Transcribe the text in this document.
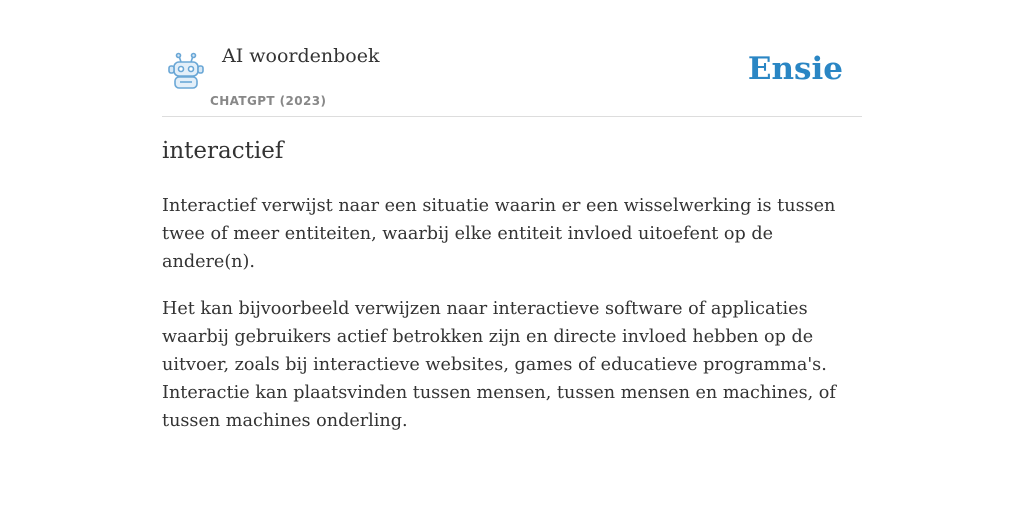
AI woordenboek
CHATGPT (2023)
Ensie
interactief

Interactief verwijst naar een situatie waarin er een wisselwerking is tussen twee of meer entiteiten, waarbij elke entiteit invloed uitoefent op de andere(n).

Het kan bijvoorbeeld verwijzen naar interactieve software of applicaties waarbij gebruikers actief betrokken zijn en directe invloed hebben op de uitvoer, zoals bij interactieve websites, games of educatieve programma's. Interactie kan plaatsvinden tussen mensen, tussen mensen en machines, of tussen machines onderling.
